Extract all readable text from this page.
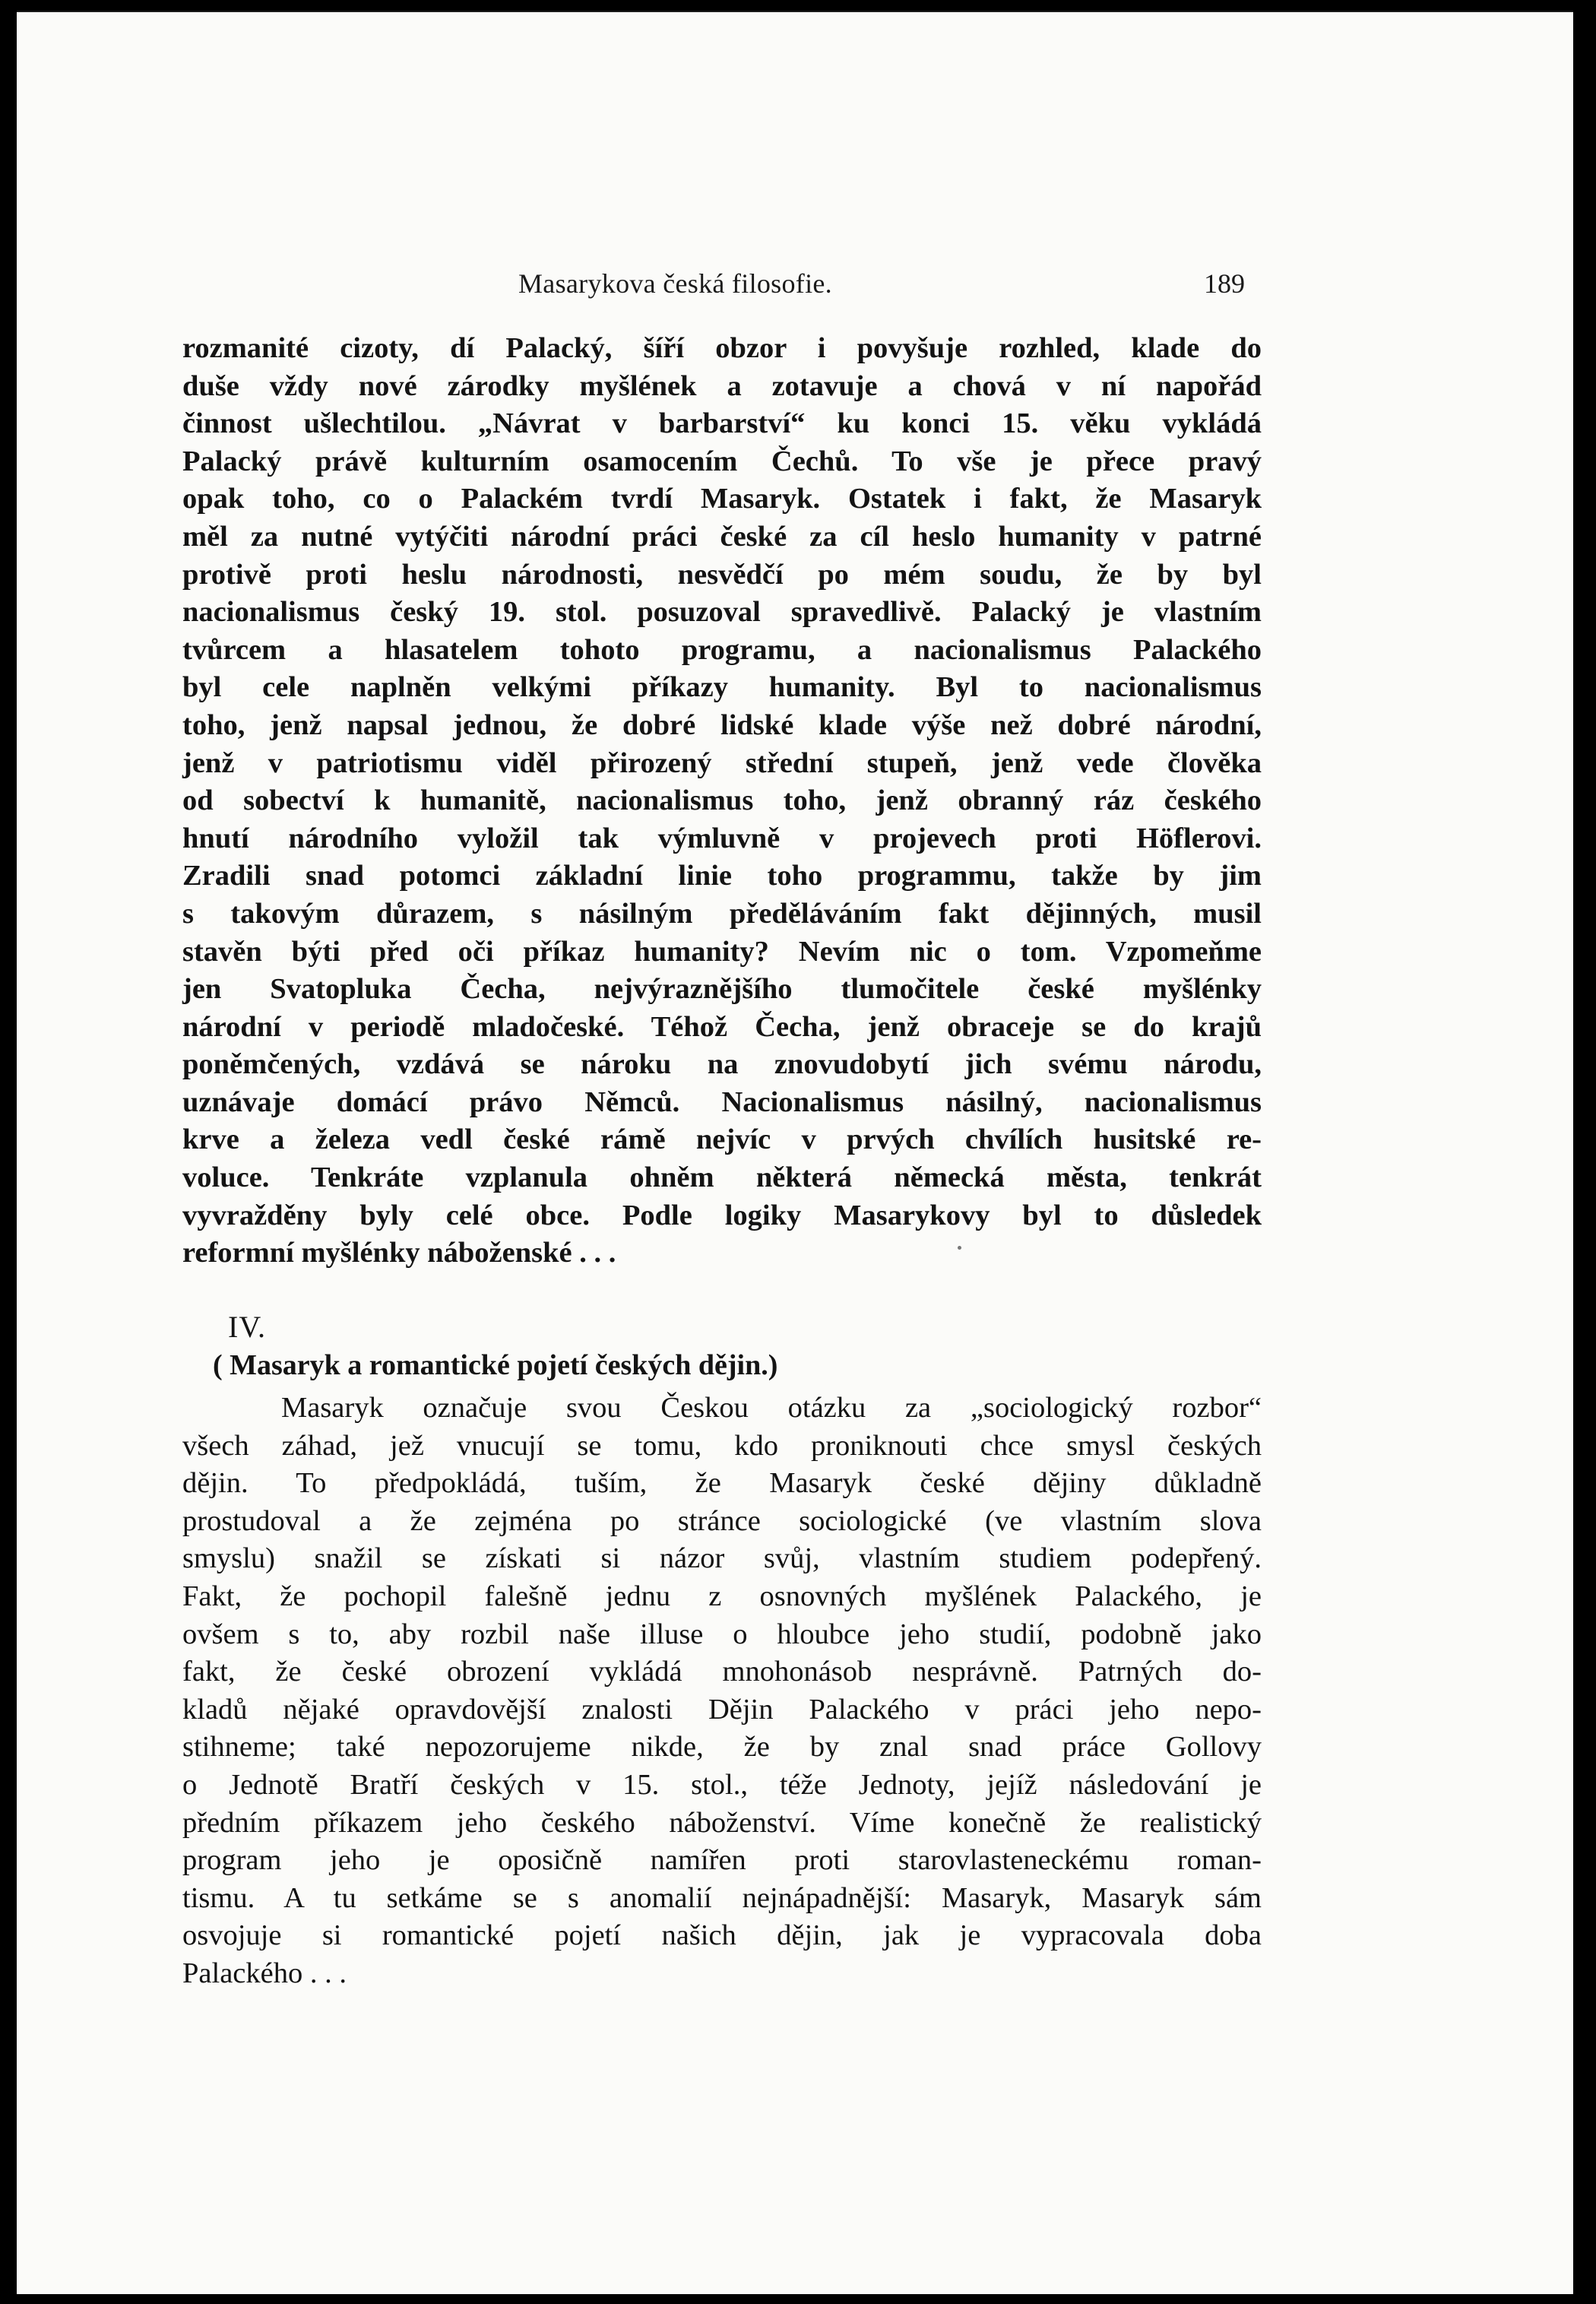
Masarykova česká filosofie.	189
rozmanité cizoty, dí Palacký, šíří obzor i povyšuje rozhled, klade do
duše vždy nové zárodky myšlének a zotavuje a chová v ní napořád
činnost ušlechtilou. „Návrat v barbarství“ ku konci 15. věku vykládá
Palacký právě kulturním osamocením Čechů. To vše je přece pravý
opak toho, co o Palackém tvrdí Masaryk. Ostatek i fakt, že Masaryk
měl za nutné vytýčiti národní práci české za cíl heslo humanity v patrné
protivě proti heslu národnosti, nesvědčí po mém soudu, že by byl
nacionalismus český 19. stol. posuzoval spravedlivě. Palacký je vlastním
tvůrcem a hlasatelem tohoto programu, a nacionalismus Palackého
byl cele naplněn velkými příkazy humanity. Byl to nacionalismus
toho, jenž napsal jednou, že dobré lidské klade výše než dobré národní,
jenž v patriotismu viděl přirozený střední stupeň, jenž vede člověka
od sobectví k humanitě, nacionalismus toho, jenž obranný ráz českého
hnutí národního vyložil tak výmluvně v projevech proti Höflerovi.
Zradili snad potomci základní linie toho programmu, takže by jim
s takovým důrazem, s násilným předěláváním fakt dějinných, musil
stavěn býti před oči příkaz humanity? Nevím nic o tom. Vzpomeňme
jen Svatopluka Čecha, nejvýraznějšího tlumočitele české myšlénky
národní v periodě mladočeské. Téhož Čecha, jenž obraceje se do krajů
poněmčených, vzdává se nároku na znovudobytí jich svému národu,
uznávaje domácí právo Němců. Nacionalismus násilný, nacionalismus
krve a železa vedl české rámě nejvíc v prvých chvílích husitské re-
voluce. Tenkráte vzplanula ohněm některá německá města, tenkrát
vyvražděny byly celé obce. Podle logiky Masarykovy byl to důsledek
reformní myšlénky náboženské . . .
IV.
( Masaryk a romantické pojetí českých dějin.)
Masaryk označuje svou Českou otázku za „sociologický rozbor“
všech záhad, jež vnucují se tomu, kdo proniknouti chce smysl českých
dějin. To předpokládá, tuším, že Masaryk české dějiny důkladně
prostudoval a že zejména po stránce sociologické (ve vlastním slova
smyslu) snažil se získati si názor svůj, vlastním studiem podepřený.
Fakt, že pochopil falešně jednu z osnovných myšlének Palackého, je
ovšem s to, aby rozbil naše illuse o hloubce jeho studií, podobně jako
fakt, že české obrození vykládá mnohonásob nesprávně. Patrných do-
kladů nějaké opravdovější znalosti Dějin Palackého v práci jeho nepo-
stihneme; také nepozorujeme nikde, že by znal snad práce Gollovy
o Jednotě Bratří českých v 15. stol., téže Jednoty, jejíž následování je
předním příkazem jeho českého náboženství. Víme konečně že realistický
program jeho je oposičně namířen proti starovlasteneckému roman-
tismu. A tu setkáme se s anomalií nejnápadnější: Masaryk, Masaryk sám
osvojuje si romantické pojetí našich dějin, jak je vypracovala doba
Palackého . . .
